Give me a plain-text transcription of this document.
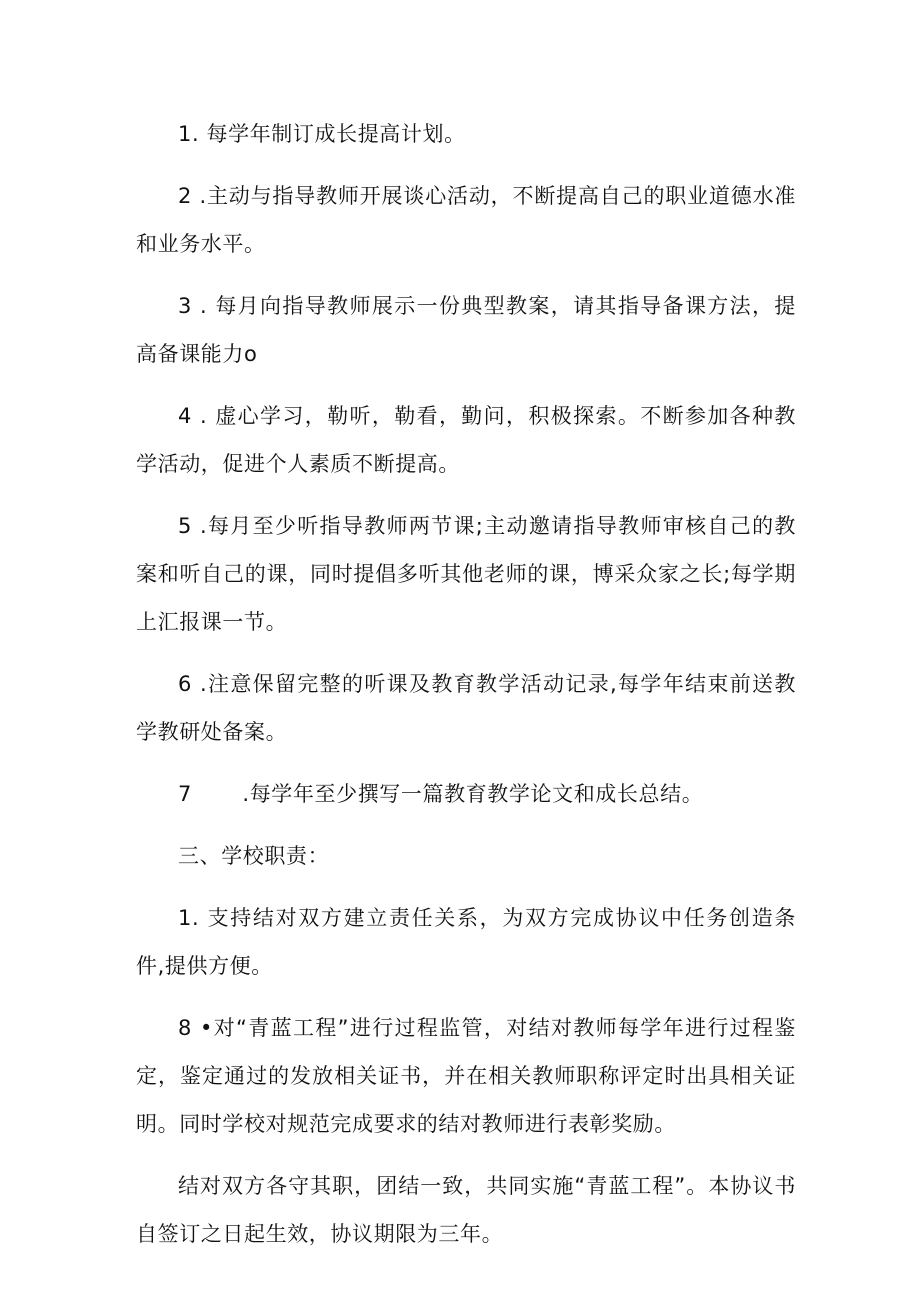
1. 每学年制订成长提高计划。

2 .主动与指导教师开展谈心活动，不断提高自己的职业道德水准和业务水平。

3 . 每月向指导教师展示一份典型教案，请其指导备课方法，提高备课能力o

4 . 虚心学习，勒听，勒看，勤问，积极探索。不断参加各种教学活动，促进个人素质不断提高。

5 .每月至少听指导教师两节课;主动邀请指导教师审核自己的教案和听自己的课，同时提倡多听其他老师的课，博采众家之长;每学期上汇报课一节。

6 .注意保留完整的听课及教育教学活动记录,每学年结束前送教学教研处备案。

7 　　.每学年至少撰写一篇教育教学论文和成长总结。

三、学校职责：

1. 支持结对双方建立责任关系，为双方完成协议中任务创造条件,提供方便。

8 •对“青蓝工程”进行过程监管，对结对教师每学年进行过程鉴定，鉴定通过的发放相关证书，并在相关教师职称评定时出具相关证明。同时学校对规范完成要求的结对教师进行表彰奖励。

结对双方各守其职，团结一致，共同实施“青蓝工程”。本协议书自签订之日起生效，协议期限为三年。
